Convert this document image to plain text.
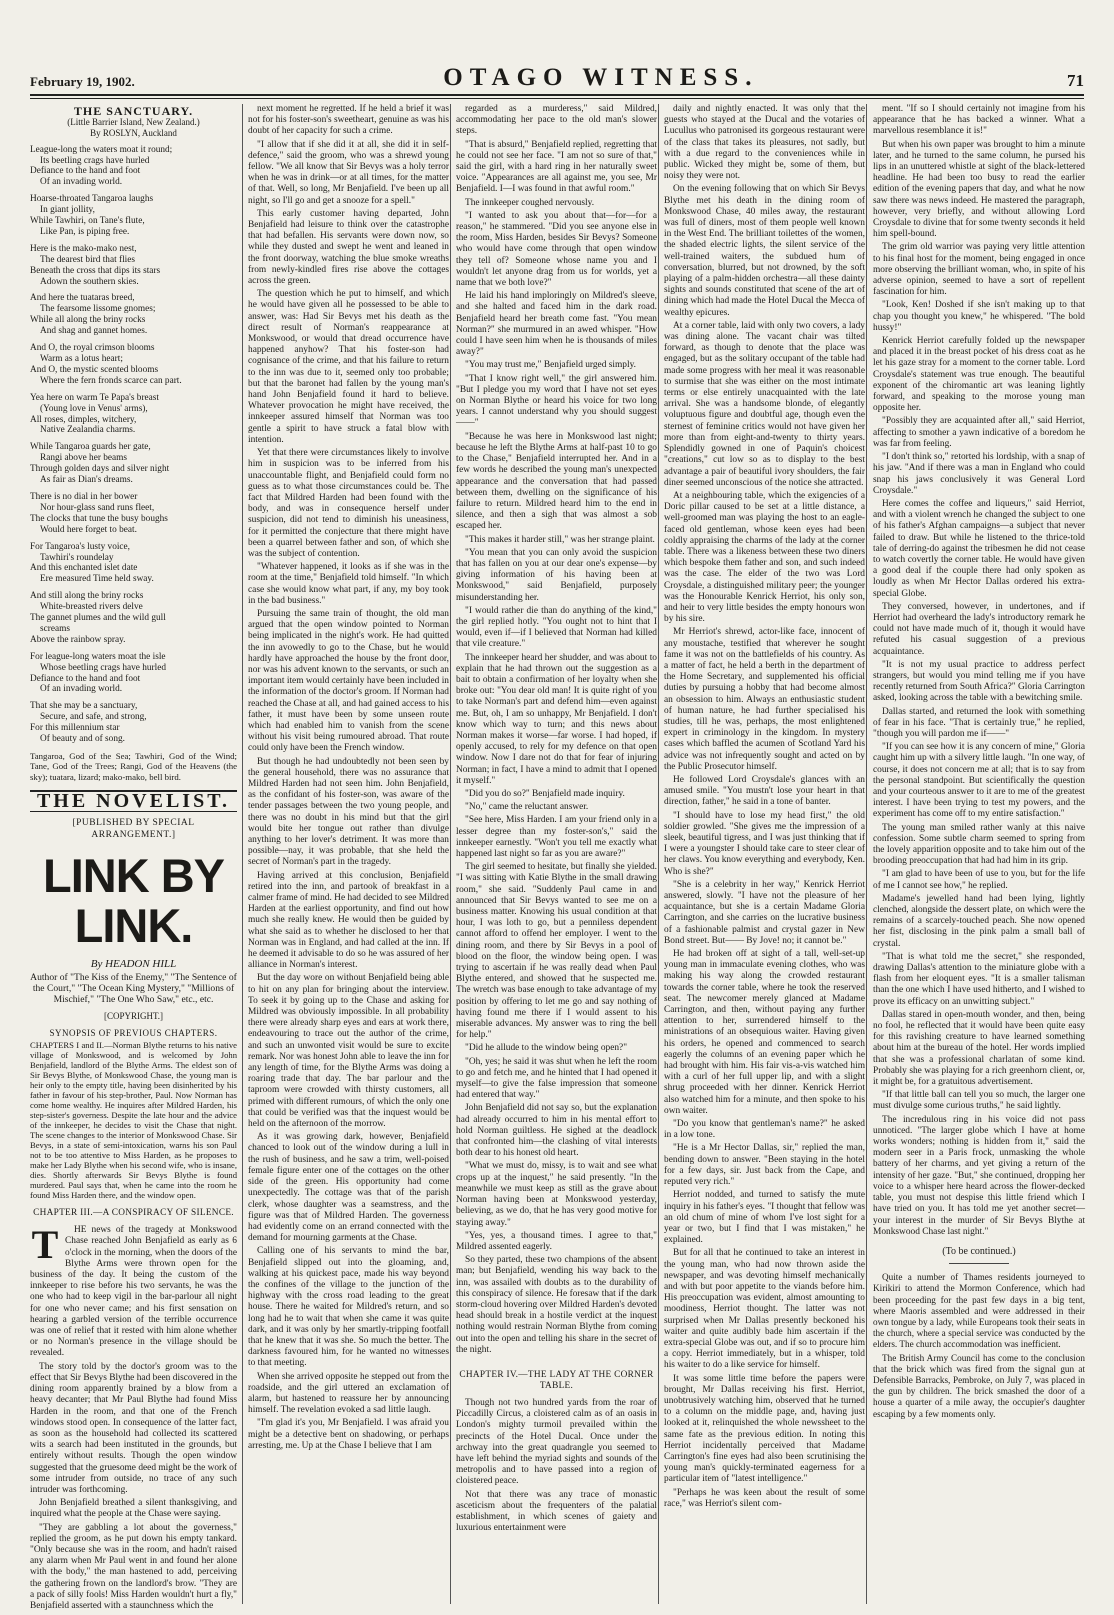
February 19, 1902.	OTAGO WITNESS.	71
THE SANCTUARY.
(Little Barrier Island, New Zealand.)
By ROSLYN, Auckland
League-long the waters moat it round;
Its beetling crags have hurled
Defiance to the hand and foot
Of an invading world.
Hoarse-throated Tangaroa laughs
In giant jollity,
While Tawhiri, on Tane's flute,
Like Pan, is piping free.
Here is the mako-mako nest,
The dearest bird that flies
Beneath the cross that dips its stars
Adown the southern skies.
And here the tuataras breed,
The fearsome lissome gnomes;
While all along the briny rocks
And shag and gannet homes.
And O, the royal crimson blooms
Warm as a lotus heart;
And O, the mystic scented blooms
Where the fern fronds scarce can part.
Yea here on warm Te Papa's breast
(Young love in Venus' arms),
All roses, dimples, witchery,
Native Zealandia charms.
While Tangaroa guards her gate,
Rangi above her beams
Through golden days and silver night
As fair as Dian's dreams.
There is no dial in her bower
Nor hour-glass sand runs fleet,
The clocks that tune the busy boughs
Would here forget to beat.
For Tangaroa's lusty voice,
Tawhiri's roundelay
And this enchanted islet date
Ere measured Time held sway.
And still along the briny rocks
White-breasted rivers delve
The gannet plumes and the wild gull
screams
Above the rainbow spray.
For league-long waters moat the isle
Whose beetling crags have hurled
Defiance to the hand and foot
Of an invading world.
That she may be a sanctuary,
Secure, and safe, and strong,
For this millennium star
Of beauty and of song.
Tangaroa, God of the Sea; Tawhiri, God of the Wind; Tane, God of the Trees; Rangi, God of the Heavens (the sky); tuatara, lizard; mako-mako, bell bird.
THE NOVELIST.
[PUBLISHED BY SPECIAL ARRANGEMENT.]
LINK BY LINK.
By HEADON HILL
Author of "The Kiss of the Enemy," "The Sentence of the Court," "The Ocean King Mystery," "Millions of Mischief," "The One Who Saw," etc., etc.
[COPYRIGHT.]
SYNOPSIS OF PREVIOUS CHAPTERS.
CHAPTERS I and II.—Norman Blythe returns to his native village of Monkswood, and is welcomed by John Benjafield, landlord of the Blythe Arms. The eldest son of Sir Bevys Blythe, of Monkswood Chase, the young man is heir only to the empty title, having been disinherited by his father in favour of his step-brother, Paul. Now Norman has come home wealthy. He inquires after Mildred Harden, his step-sister's governess. Despite the late hour and the advice of the innkeeper, he decides to visit the Chase that night. The scene changes to the interior of Monkswood Chase. Sir Bevys, in a state of semi-intoxication, warns his son Paul not to be too attentive to Miss Harden, as he proposes to make her Lady Blythe when his second wife, who is insane, dies. Shortly afterwards Sir Bevys Blythe is found murdered. Paul says that, when he came into the room he found Miss Harden there, and the window open.
CHAPTER III.—A CONSPIRACY OF SILENCE.
T	HE news of the tragedy at Monkswood Chase reached John Benjafield as early as 6 o'clock in the morning, when the doors of the Blythe Arms were thrown open for the business of the day. It being the custom of the innkeeper to rise before his two servants, he was the one who had to keep vigil in the bar-parlour all night for one who never came; and his first sensation on hearing a garbled version of the terrible occurrence was one of relief that it rested with him alone whether or no Norman's presence in the village should be revealed.

The story told by the doctor's groom was to the effect that Sir Bevys Blythe had been discovered in the dining room apparently brained by a blow from a heavy decanter; that Mr Paul Blythe had found Miss Harden in the room, and that one of the French windows stood open. In consequence of the latter fact, as soon as the household had collected its scattered wits a search had been instituted in the grounds, but entirely without results. Though the open window suggested that the gruesome deed might be the work of some intruder from outside, no trace of any such intruder was forthcoming.

John Benjafield breathed a silent thanksgiving, and inquired what the people at the Chase were saying.

"They are gabbling a lot about the governess," replied the groom, as he put down his empty tankard. "Only because she was in the room, and hadn't raised any alarm when Mr Paul went in and found her alone with the body," the man hastened to add, perceiving the gathering frown on the landlord's brow. "They are a pack of silly fools! Miss Harden wouldn't hurt a fly," Benjafield asserted with a staunchness which the

next moment he regretted. If he held a brief it was not for his foster-son's sweetheart, genuine as was his doubt of her capacity for such a crime.

"I allow that if she did it at all, she did it in self-defence," said the groom, who was a shrewd young fellow. "We all know that Sir Bevys was a holy terror when he was in drink—or at all times, for the matter of that. Well, so long, Mr Benjafield. I've been up all night, so I'll go and get a snooze for a spell."

This early customer having departed, John Benjafield had leisure to think over the catastrophe that had befallen. His servants were down now, so while they dusted and swept he went and leaned in the front doorway, watching the blue smoke wreaths from newly-kindled fires rise above the cottages across the green.

The question which he put to himself, and which he would have given all he possessed to be able to answer, was: Had Sir Bevys met his death as the direct result of Norman's reappearance at Monkswood, or would that dread occurrence have happened anyhow? That his foster-son had cognisance of the crime, and that his failure to return to the inn was due to it, seemed only too probable; but that the baronet had fallen by the young man's hand John Benjafield found it hard to believe. Whatever provocation he might have received, the innkeeper assured himself that Norman was too gentle a spirit to have struck a fatal blow with intention.

Yet that there were circumstances likely to involve him in suspicion was to be inferred from his unaccountable flight, and Benjafield could form no guess as to what those circumstances could be. The fact that Mildred Harden had been found with the body, and was in consequence herself under suspicion, did not tend to diminish his uneasiness, for it permitted the conjecture that there might have been a quarrel between father and son, of which she was the subject of contention.

"Whatever happened, it looks as if she was in the room at the time," Benjafield told himself. "In which case she would know what part, if any, my boy took in the bad business."

Pursuing the same train of thought, the old man argued that the open window pointed to Norman being implicated in the night's work. He had quitted the inn avowedly to go to the Chase, but he would hardly have approached the house by the front door, nor was his advent known to the servants, or such an important item would certainly have been included in the information of the doctor's groom. If Norman had reached the Chase at all, and had gained access to his father, it must have been by some unseen route which had enabled him to vanish from the scene without his visit being rumoured abroad. That route could only have been the French window.

But though he had undoubtedly not been seen by the general household, there was no assurance that Mildred Harden had not seen him. John Benjafield, as the confidant of his foster-son, was aware of the tender passages between the two young people, and there was no doubt in his mind but that the girl would bite her tongue out rather than divulge anything to her lover's detriment. It was more than possible—nay, it was probable, that she held the secret of Norman's part in the tragedy.

Having arrived at this conclusion, Benjafield retired into the inn, and partook of breakfast in a calmer frame of mind. He had decided to see Mildred Harden at the earliest opportunity, and find out how much she really knew. He would then be guided by what she said as to whether he disclosed to her that Norman was in England, and had called at the inn. If he deemed it advisable to do so he was assured of her alliance in Norman's interest.

But the day wore on without Benjafield being able to hit on any plan for bringing about the interview. To seek it by going up to the Chase and asking for Mildred was obviously impossible. In all probability there were already sharp eyes and ears at work there, endeavouring to trace out the author of the crime, and such an unwonted visit would be sure to excite remark. Nor was honest John able to leave the inn for any length of time, for the Blythe Arms was doing a roaring trade that day. The bar parlour and the taproom were crowded with thirsty customers, all primed with different rumours, of which the only one that could be verified was that the inquest would be held on the afternoon of the morrow.

As it was growing dark, however, Benjafield chanced to look out of the window during a lull in the rush of business, and he saw a trim, well-poised female figure enter one of the cottages on the other side of the green. His opportunity had come unexpectedly. The cottage was that of the parish clerk, whose daughter was a seamstress, and the figure was that of Mildred Harden. The governess had evidently come on an errand connected with the demand for mourning garments at the Chase.

Calling one of his servants to mind the bar, Benjafield slipped out into the gloaming, and, walking at his quickest pace, made his way beyond the confines of the village to the junction of the highway with the cross road leading to the great house. There he waited for Mildred's return, and so long had he to wait that when she came it was quite dark, and it was only by her smartly-tripping footfall that he knew that it was she. So much the better. The darkness favoured him, for he wanted no witnesses to that meeting.

When she arrived opposite he stepped out from the roadside, and the girl uttered an exclamation of alarm, but hastened to reassure her by announcing himself. The revelation evoked a sad little laugh.

"I'm glad it's you, Mr Benjafield. I was afraid you might be a detective bent on shadowing, or perhaps arresting, me. Up at the Chase I believe that I am

regarded as a murderess," said Mildred, accommodating her pace to the old man's slower steps.

"That is absurd," Benjafield replied, regretting that he could not see her face. "I am not so sure of that," said the girl, with a hard ring in her naturally sweet voice. "Appearances are all against me, you see, Mr Benjafield. I—I was found in that awful room."

The innkeeper coughed nervously.

"I wanted to ask you about that—for—for a reason," he stammered. "Did you see anyone else in the room, Miss Harden, besides Sir Bevys? Someone who would have come through that open window they tell of? Someone whose name you and I wouldn't let anyone drag from us for worlds, yet a name that we both love?"

He laid his hand imploringly on Mildred's sleeve, and she halted and faced him in the dark road. Benjafield heard her breath come fast. "You mean Norman?" she murmured in an awed whisper. "How could I have seen him when he is thousands of miles away?"

"You may trust me," Benjafield urged simply.

"That I know right well," the girl answered him. "But I pledge you my word that I have not set eyes on Norman Blythe or heard his voice for two long years. I cannot understand why you should suggest——"

"Because he was here in Monkswood last night; because he left the Blythe Arms at half-past 10 to go to the Chase," Benjafield interrupted her. And in a few words he described the young man's unexpected appearance and the conversation that had passed between them, dwelling on the significance of his failure to return. Mildred heard him to the end in silence, and then a sigh that was almost a sob escaped her.

"This makes it harder still," was her strange plaint.

"You mean that you can only avoid the suspicion that has fallen on you at our dear one's expense—by giving information of his having been at Monkswood," said Benjafield, purposely misunderstanding her.

"I would rather die than do anything of the kind," the girl replied hotly. "You ought not to hint that I would, even if—if I believed that Norman had killed that vile creature."

The innkeeper heard her shudder, and was about to explain that he had thrown out the suggestion as a bait to obtain a confirmation of her loyalty when she broke out: "You dear old man! It is quite right of you to take Norman's part and defend him—even against me. But, oh, I am so unhappy, Mr Benjafield. I don't know which way to turn; and this news about Norman makes it worse—far worse. I had hoped, if openly accused, to rely for my defence on that open window. Now I dare not do that for fear of injuring Norman; in fact, I have a mind to admit that I opened it myself."

"Did you do so?" Benjafield made inquiry.

"No," came the reluctant answer.

"See here, Miss Harden. I am your friend only in a lesser degree than my foster-son's," said the innkeeper earnestly. "Won't you tell me exactly what happened last night so far as you are aware?"

The girl seemed to hesitate, but finally she yielded. "I was sitting with Katie Blythe in the small drawing room," she said. "Suddenly Paul came in and announced that Sir Bevys wanted to see me on a business matter. Knowing his usual condition at that hour, I was loth to go, but a penniless dependent cannot afford to offend her employer. I went to the dining room, and there by Sir Bevys in a pool of blood on the floor, the window being open. I was trying to ascertain if he was really dead when Paul Blythe entered, and showed that he suspected me. The wretch was base enough to take advantage of my position by offering to let me go and say nothing of having found me there if I would assent to his miserable advances. My answer was to ring the bell for help."

"Did he allude to the window being open?"

"Oh, yes; he said it was shut when he left the room to go and fetch me, and he hinted that I had opened it myself—to give the false impression that someone had entered that way."

John Benjafield did not say so, but the explanation had already occurred to him in his mental effort to hold Norman guiltless. He sighed at the deadlock that confronted him—the clashing of vital interests both dear to his honest old heart.

"What we must do, missy, is to wait and see what crops up at the inquest," he said presently. "In the meanwhile we must keep as still as the grave about Norman having been at Monkswood yesterday, believing, as we do, that he has very good motive for staying away."

"Yes, yes, a thousand times. I agree to that," Mildred assented eagerly.

So they parted, these two champions of the absent man; but Benjafield, wending his way back to the inn, was assailed with doubts as to the durability of this conspiracy of silence. He foresaw that if the dark storm-cloud hovering over Mildred Harden's devoted head should break in a hostile verdict at the inquest nothing would restrain Norman Blythe from coming out into the open and telling his share in the secret of the night.

CHAPTER IV.—THE LADY AT THE CORNER TABLE.

Though not two hundred yards from the roar of Piccadilly Circus, a cloistered calm as of an oasis in London's mighty turmoil prevailed within the precincts of the Hotel Ducal. Once under the archway into the great quadrangle you seemed to have left behind the myriad sights and sounds of the metropolis and to have passed into a region of cloistered peace.

Not that there was any trace of monastic asceticism about the frequenters of the palatial establishment, in which scenes of gaiety and luxurious entertainment were

daily and nightly enacted. It was only that the guests who stayed at the Ducal and the votaries of Lucullus who patronised its gorgeous restaurant were of the class that takes its pleasures, not sadly, but with a due regard to the conveniences while in public. Wicked they might be, some of them, but noisy they were not.

On the evening following that on which Sir Bevys Blythe met his death in the dining room of Monkswood Chase, 40 miles away, the restaurant was full of diners, most of them people well known in the West End. The brilliant toilettes of the women, the shaded electric lights, the silent service of the well-trained waiters, the subdued hum of conversation, blurred, but not drowned, by the soft playing of a palm-hidden orchestra—all these dainty sights and sounds constituted that scene of the art of dining which had made the Hotel Ducal the Mecca of wealthy epicures.

At a corner table, laid with only two covers, a lady was dining alone. The vacant chair was tilted forward, as though to denote that the place was engaged, but as the solitary occupant of the table had made some progress with her meal it was reasonable to surmise that she was either on the most intimate terms or else entirely unacquainted with the late arrival. She was a handsome blonde, of elegantly voluptuous figure and doubtful age, though even the sternest of feminine critics would not have given her more than from eight-and-twenty to thirty years. Splendidly gowned in one of Paquin's choicest "creations," cut low so as to display to the best advantage a pair of beautiful ivory shoulders, the fair diner seemed unconscious of the notice she attracted.

At a neighbouring table, which the exigencies of a Doric pillar caused to be set at a little distance, a well-groomed man was playing the host to an eagle-faced old gentleman, whose keen eyes had been coldly appraising the charms of the lady at the corner table. There was a likeness between these two diners which bespoke them father and son, and such indeed was the case. The elder of the two was Lord Croysdale, a distinguished military peer; the younger was the Honourable Kenrick Herriot, his only son, and heir to very little besides the empty honours won by his sire.

Mr Herriot's shrewd, actor-like face, innocent of any moustache, testified that wherever he sought fame it was not on the battlefields of his country. As a matter of fact, he held a berth in the department of the Home Secretary, and supplemented his official duties by pursuing a hobby that had become almost an obsession to him. Always an enthusiastic student of human nature, he had further specialised his studies, till he was, perhaps, the most enlightened expert in criminology in the kingdom. In mystery cases which baffled the acumen of Scotland Yard his advice was not infrequently sought and acted on by the Public Prosecutor himself.

He followed Lord Croysdale's glances with an amused smile. "You mustn't lose your heart in that direction, father," he said in a tone of banter.

"I should have to lose my head first," the old soldier growled. "She gives me the impression of a sleek, beautiful tigress, and I was just thinking that if I were a youngster I should take care to steer clear of her claws. You know everything and everybody, Ken. Who is she?"

"She is a celebrity in her way," Kenrick Herriot answered, slowly. "I have not the pleasure of her acquaintance, but she is a certain Madame Gloria Carrington, and she carries on the lucrative business of a fashionable palmist and crystal gazer in New Bond street. But—— By Jove! no; it cannot be."

He had broken off at sight of a tall, well-set-up young man in immaculate evening clothes, who was making his way along the crowded restaurant towards the corner table, where he took the reserved seat. The newcomer merely glanced at Madame Carrington, and then, without paying any further attention to her, surrendered himself to the ministrations of an obsequious waiter. Having given his orders, he opened and commenced to search eagerly the columns of an evening paper which he had brought with him. His fair vis-a-vis watched him with a curl of her full upper lip, and with a slight shrug proceeded with her dinner. Kenrick Herriot also watched him for a minute, and then spoke to his own waiter.

"Do you know that gentleman's name?" he asked in a low tone.

"He is a Mr Hector Dallas, sir," replied the man, bending down to answer. "Been staying in the hotel for a few days, sir. Just back from the Cape, and reputed very rich."

Herriot nodded, and turned to satisfy the mute inquiry in his father's eyes. "I thought that fellow was an old chum of mine of whom I've lost sight for a year or two, but I find that I was mistaken," he explained.

But for all that he continued to take an interest in the young man, who had now thrown aside the newspaper, and was devoting himself mechanically and with but poor appetite to the viands before him. His preoccupation was evident, almost amounting to moodiness, Herriot thought. The latter was not surprised when Mr Dallas presently beckoned his waiter and quite audibly bade him ascertain if the extra-special Globe was out, and if so to procure him a copy. Herriot immediately, but in a whisper, told his waiter to do a like service for himself.

It was some little time before the papers were brought, Mr Dallas receiving his first. Herriot, unobtrusively watching him, observed that he turned to a column on the middle page, and, having just looked at it, relinquished the whole newssheet to the same fate as the previous edition. In noting this Herriot incidentally perceived that Madame Carrington's fine eyes had also been scrutinising the young man's quickly-terminated eagerness for a particular item of "latest intelligence."

"Perhaps he was keen about the result of some race," was Herriot's silent com-

ment. "If so I should certainly not imagine from his appearance that he has backed a winner. What a marvellous resemblance it is!"

But when his own paper was brought to him a minute later, and he turned to the same column, he pursed his lips in an unuttered whistle at sight of the black-lettered headline. He had been too busy to read the earlier edition of the evening papers that day, and what he now saw there was news indeed. He mastered the paragraph, however, very briefly, and without allowing Lord Croysdale to divine that for some twenty seconds it held him spell-bound.

The grim old warrior was paying very little attention to his final host for the moment, being engaged in once more observing the brilliant woman, who, in spite of his adverse opinion, seemed to have a sort of repellent fascination for him.

"Look, Ken! Doshed if she isn't making up to that chap you thought you knew," he whispered. "The bold hussy!"

Kenrick Herriot carefully folded up the newspaper and placed it in the breast pocket of his dress coat as he let his gaze stray for a moment to the corner table. Lord Croysdale's statement was true enough. The beautiful exponent of the chiromantic art was leaning lightly forward, and speaking to the morose young man opposite her.

"Possibly they are acquainted after all," said Herriot, affecting to smother a yawn indicative of a boredom he was far from feeling.

"I don't think so," retorted his lordship, with a snap of his jaw. "And if there was a man in England who could snap his jaws conclusively it was General Lord Croysdale."

Here comes the coffee and liqueurs," said Herriot, and with a violent wrench he changed the subject to one of his father's Afghan campaigns—a subject that never failed to draw. But while he listened to the thrice-told tale of derring-do against the tribesmen he did not cease to watch covertly the corner table. He would have given a good deal if the couple there had only spoken as loudly as when Mr Hector Dallas ordered his extra-special Globe.

They conversed, however, in undertones, and if Herriot had overheard the lady's introductory remark he could not have made much of it, though it would have refuted his casual suggestion of a previous acquaintance.

"It is not my usual practice to address perfect strangers, but would you mind telling me if you have recently returned from South Africa?" Gloria Carrington asked, looking across the table with a bewitching smile.

Dallas started, and returned the look with something of fear in his face. "That is certainly true," he replied, "though you will pardon me if——"

"If you can see how it is any concern of mine," Gloria caught him up with a silvery little laugh. "In one way, of course, it does not concern me at all; that is to say from the personal standpoint. But scientifically the question and your courteous answer to it are to me of the greatest interest. I have been trying to test my powers, and the experiment has come off to my entire satisfaction."

The young man smiled rather wanly at this naive confession. Some subtle charm seemed to spring from the lovely apparition opposite and to take him out of the brooding preoccupation that had had him in its grip.

"I am glad to have been of use to you, but for the life of me I cannot see how," he replied.

Madame's jewelled hand had been lying, lightly clenched, alongside the dessert plate, on which were the remains of a scarcely-touched peach. She now opened her fist, disclosing in the pink palm a small ball of crystal.

"That is what told me the secret," she responded, drawing Dallas's attention to the miniature globe with a flash from her eloquent eyes. "It is a smaller talisman than the one which I have used hitherto, and I wished to prove its efficacy on an unwitting subject."

Dallas stared in open-mouth wonder, and then, being no fool, he reflected that it would have been quite easy for this ravishing creature to have learned something about him at the bureau of the hotel. Her words implied that she was a professional charlatan of some kind. Probably she was playing for a rich greenhorn client, or, it might be, for a gratuitous advertisement.

"If that little ball can tell you so much, the larger one must divulge some curious truths," he said lightly.

The incredulous ring in his voice did not pass unnoticed. "The larger globe which I have at home works wonders; nothing is hidden from it," said the modern seer in a Paris frock, unmasking the whole battery of her charms, and yet giving a return of the intensity of her gaze. "But," she continued, dropping her voice to a whisper here heard across the flower-decked table, you must not despise this little friend which I have tried on you. It has told me yet another secret—your interest in the murder of Sir Bevys Blythe at Monkswood Chase last night."

(To be continued.)

Quite a number of Thames residents journeyed to Kirikiri to attend the Mormon Conference, which had been proceeding for the past few days in a big tent, where Maoris assembled and were addressed in their own tongue by a lady, while Europeans took their seats in the church, where a special service was conducted by the elders. The church accommodation was inefficient.

The British Army Council has come to the conclusion that the brick which was fired from the signal gun at Defensible Barracks, Pembroke, on July 7, was placed in the gun by children. The brick smashed the door of a house a quarter of a mile away, the occupier's daughter escaping by a few moments only.
